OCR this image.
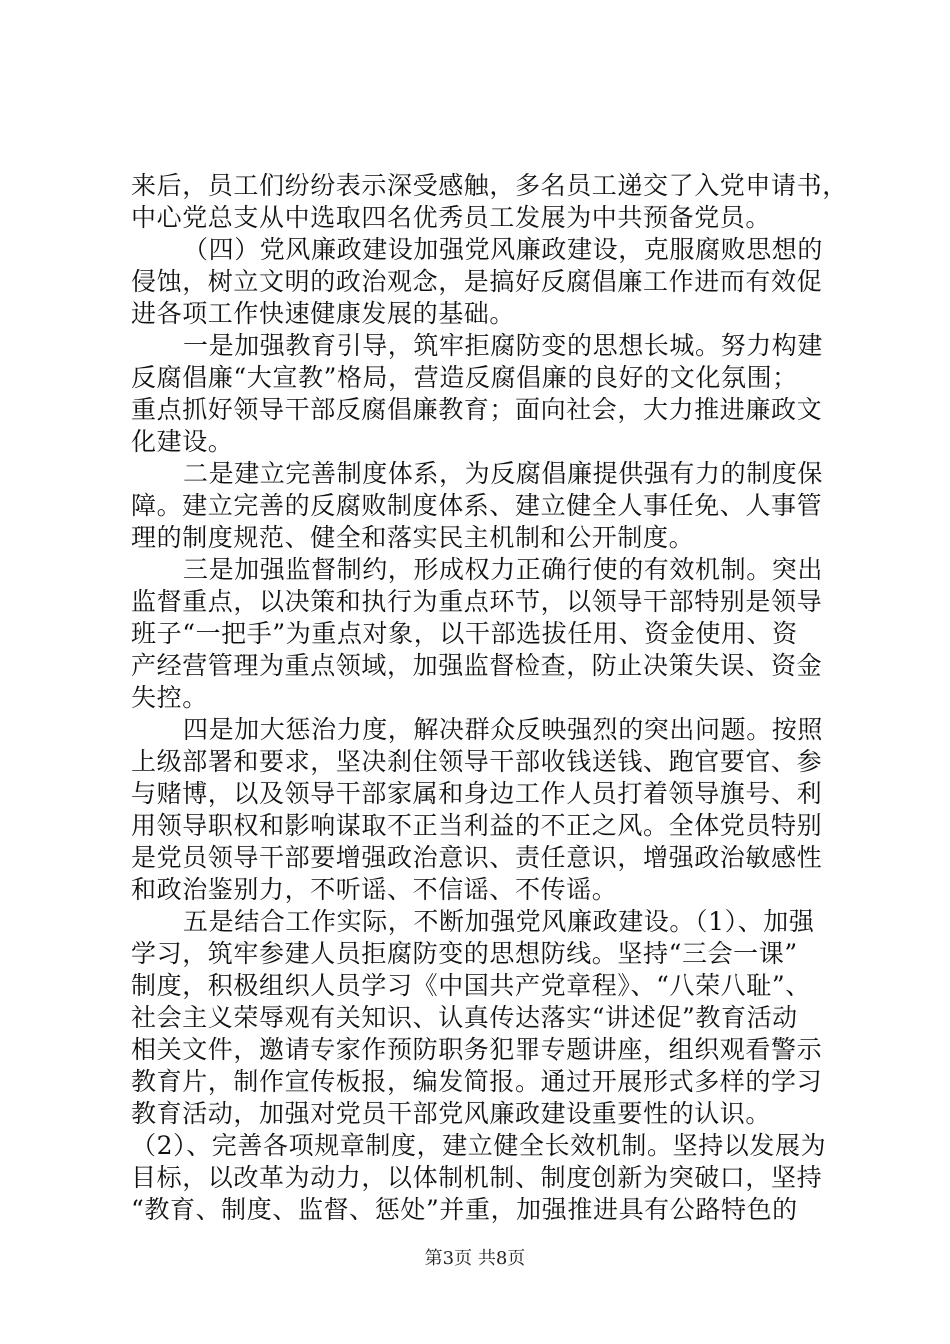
来后，员工们纷纷表示深受感触，多名员工递交了入党申请书，
中心党总支从中选取四名优秀员工发展为中共预备党员。
（四）党风廉政建设加强党风廉政建设，克服腐败思想的
侵蚀，树立文明的政治观念，是搞好反腐倡廉工作进而有效促
进各项工作快速健康发展的基础。
一是加强教育引导，筑牢拒腐防变的思想长城。努力构建
反腐倡廉“大宣教”格局，营造反腐倡廉的良好的文化氛围；
重点抓好领导干部反腐倡廉教育；面向社会，大力推进廉政文
化建设。
二是建立完善制度体系，为反腐倡廉提供强有力的制度保
障。建立完善的反腐败制度体系、建立健全人事任免、人事管
理的制度规范、健全和落实民主机制和公开制度。
三是加强监督制约，形成权力正确行使的有效机制。突出
监督重点，以决策和执行为重点环节，以领导干部特别是领导
班子“一把手”为重点对象，以干部选拔任用、资金使用、资
产经营管理为重点领域，加强监督检查，防止决策失误、资金
失控。
四是加大惩治力度，解决群众反映强烈的突出问题。按照
上级部署和要求，坚决刹住领导干部收钱送钱、跑官要官、参
与赌博，以及领导干部家属和身边工作人员打着领导旗号、利
用领导职权和影响谋取不正当利益的不正之风。全体党员特别
是党员领导干部要增强政治意识、责任意识，增强政治敏感性
和政治鉴别力，不听谣、不信谣、不传谣。
五是结合工作实际，不断加强党风廉政建设。（1）、加强
学习，筑牢参建人员拒腐防变的思想防线。坚持“三会一课”
制度，积极组织人员学习《中国共产党章程》、“八荣八耻”、
社会主义荣辱观有关知识、认真传达落实“讲述促”教育活动
相关文件，邀请专家作预防职务犯罪专题讲座，组织观看警示
教育片，制作宣传板报，编发简报。通过开展形式多样的学习
教育活动，加强对党员干部党风廉政建设重要性的认识。
（2）、完善各项规章制度，建立健全长效机制。坚持以发展为
目标，以改革为动力，以体制机制、制度创新为突破口，坚持
“教育、制度、监督、惩处”并重，加强推进具有公路特色的
第3页 共8页
